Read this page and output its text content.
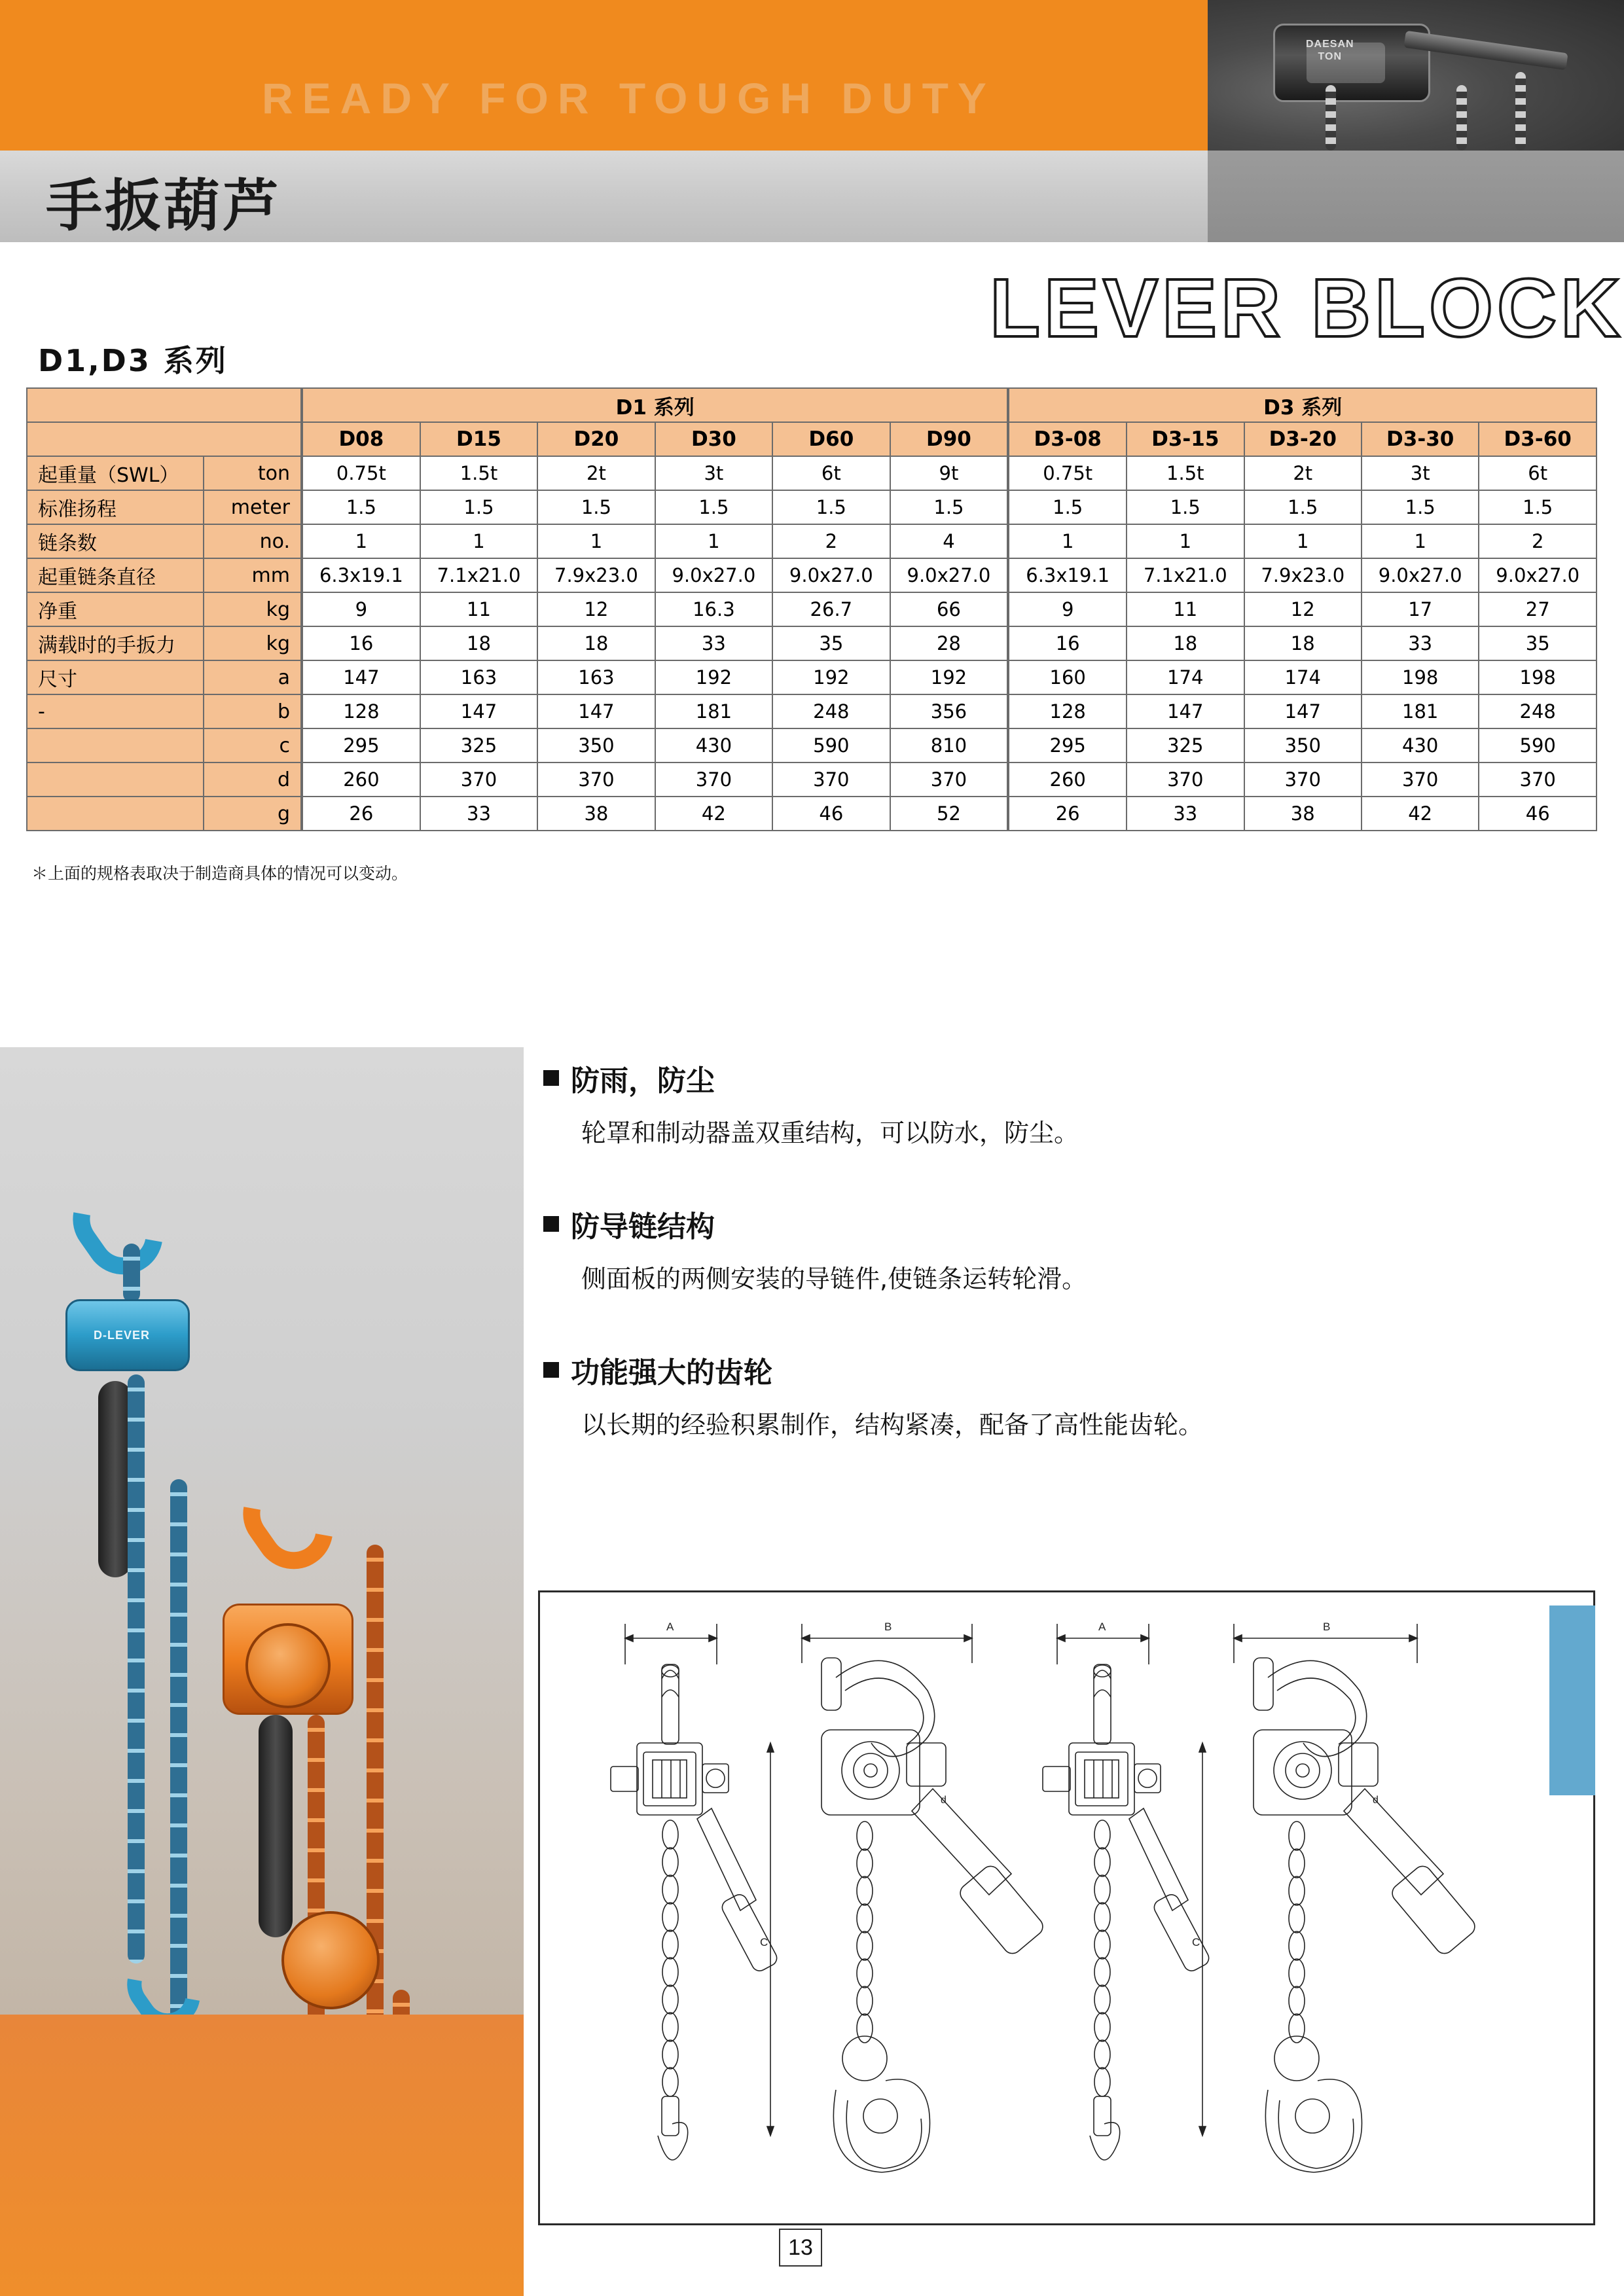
READY FOR TOUGH DUTY
DAESAN
TON
手扳葫芦
LEVER BLOCK
D1,D3 系列
		D1 系列						D3 系列				
		D08	D15	D20	D30	D60	D90	D3-08	D3-15	D3-20	D3-30	D3-60
起重量（SWL）	ton	0.75t	1.5t	2t	3t	6t	9t	0.75t	1.5t	2t	3t	6t
标准扬程	meter	1.5	1.5	1.5	1.5	1.5	1.5	1.5	1.5	1.5	1.5	1.5
链条数	no.	1	1	1	1	2	4	1	1	1	1	2
起重链条直径	mm	6.3x19.1	7.1x21.0	7.9x23.0	9.0x27.0	9.0x27.0	9.0x27.0	6.3x19.1	7.1x21.0	7.9x23.0	9.0x27.0	9.0x27.0
净重	kg	9	11	12	16.3	26.7	66	9	11	12	17	27
满载时的手扳力	kg	16	18	18	33	35	28	16	18	18	33	35
尺寸	a	147	163	163	192	192	192	160	174	174	198	198
-	b	128	147	147	181	248	356	128	147	147	181	248
	c	295	325	350	430	590	810	295	325	350	430	590
	d	260	370	370	370	370	370	260	370	370	370	370
	g	26	33	38	42	46	52	26	33	38	42	46
＊上面的规格表取决于制造商具体的情况可以变动。
D-LEVER
防雨，防尘
轮罩和制动器盖双重结构，可以防水，防尘。
防导链结构
侧面板的两侧安装的导链件,使链条运转轮滑。
功能强大的齿轮
以长期的经验积累制作，结构紧凑，配备了高性能齿轮。
A
C
B
d
A
C
B
d
13
